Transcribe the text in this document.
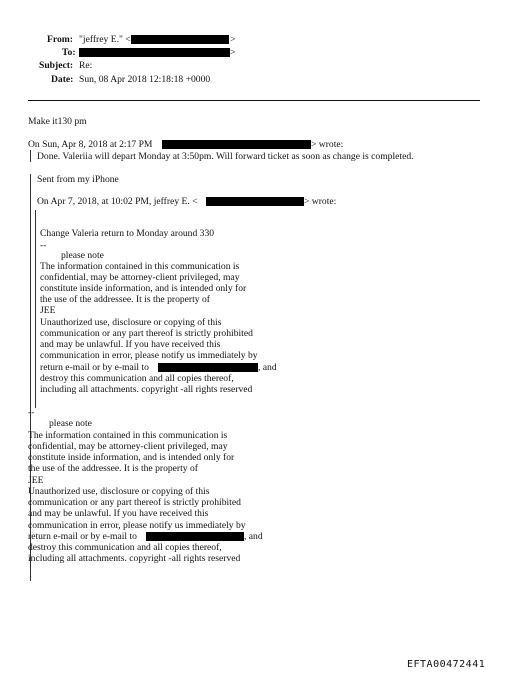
From: "jeffrey E." <	>
To:	>
Subject: Re:
Date: Sun, 08 Apr 2018 12:18:18 +0000
Make it130 pm
On Sun, Apr 8, 2018 at 2:17 PM	> wrote:
Done. Valeriia will depart Monday at 3:50pm. Will forward ticket as soon as change is completed.
Sent from my iPhone
On Apr 7, 2018, at 10:02 PM, jeffrey E. <	> wrote:
Change Valeria return to Monday around 330
--
please note
The information contained in this communication is
confidential, may be attorney-client privileged, may
constitute inside information, and is intended only for
the use of the addressee. It is the property of
JEE
Unauthorized use, disclosure or copying of this
communication or any part thereof is strictly prohibited
and may be unlawful. If you have received this
communication in error, please notify us immediately by
return e-mail or by e-mail to	, and
destroy this communication and all copies thereof,
including all attachments. copyright -all rights reserved
--
please note
The information contained in this communication is
confidential, may be attorney-client privileged, may
constitute inside information, and is intended only for
the use of the addressee. It is the property of
JEE
Unauthorized use, disclosure or copying of this
communication or any part thereof is strictly prohibited
and may be unlawful. If you have received this
communication in error, please notify us immediately by
return e-mail or by e-mail to	, and
destroy this communication and all copies thereof,
including all attachments. copyright -all rights reserved
EFTA00472441
